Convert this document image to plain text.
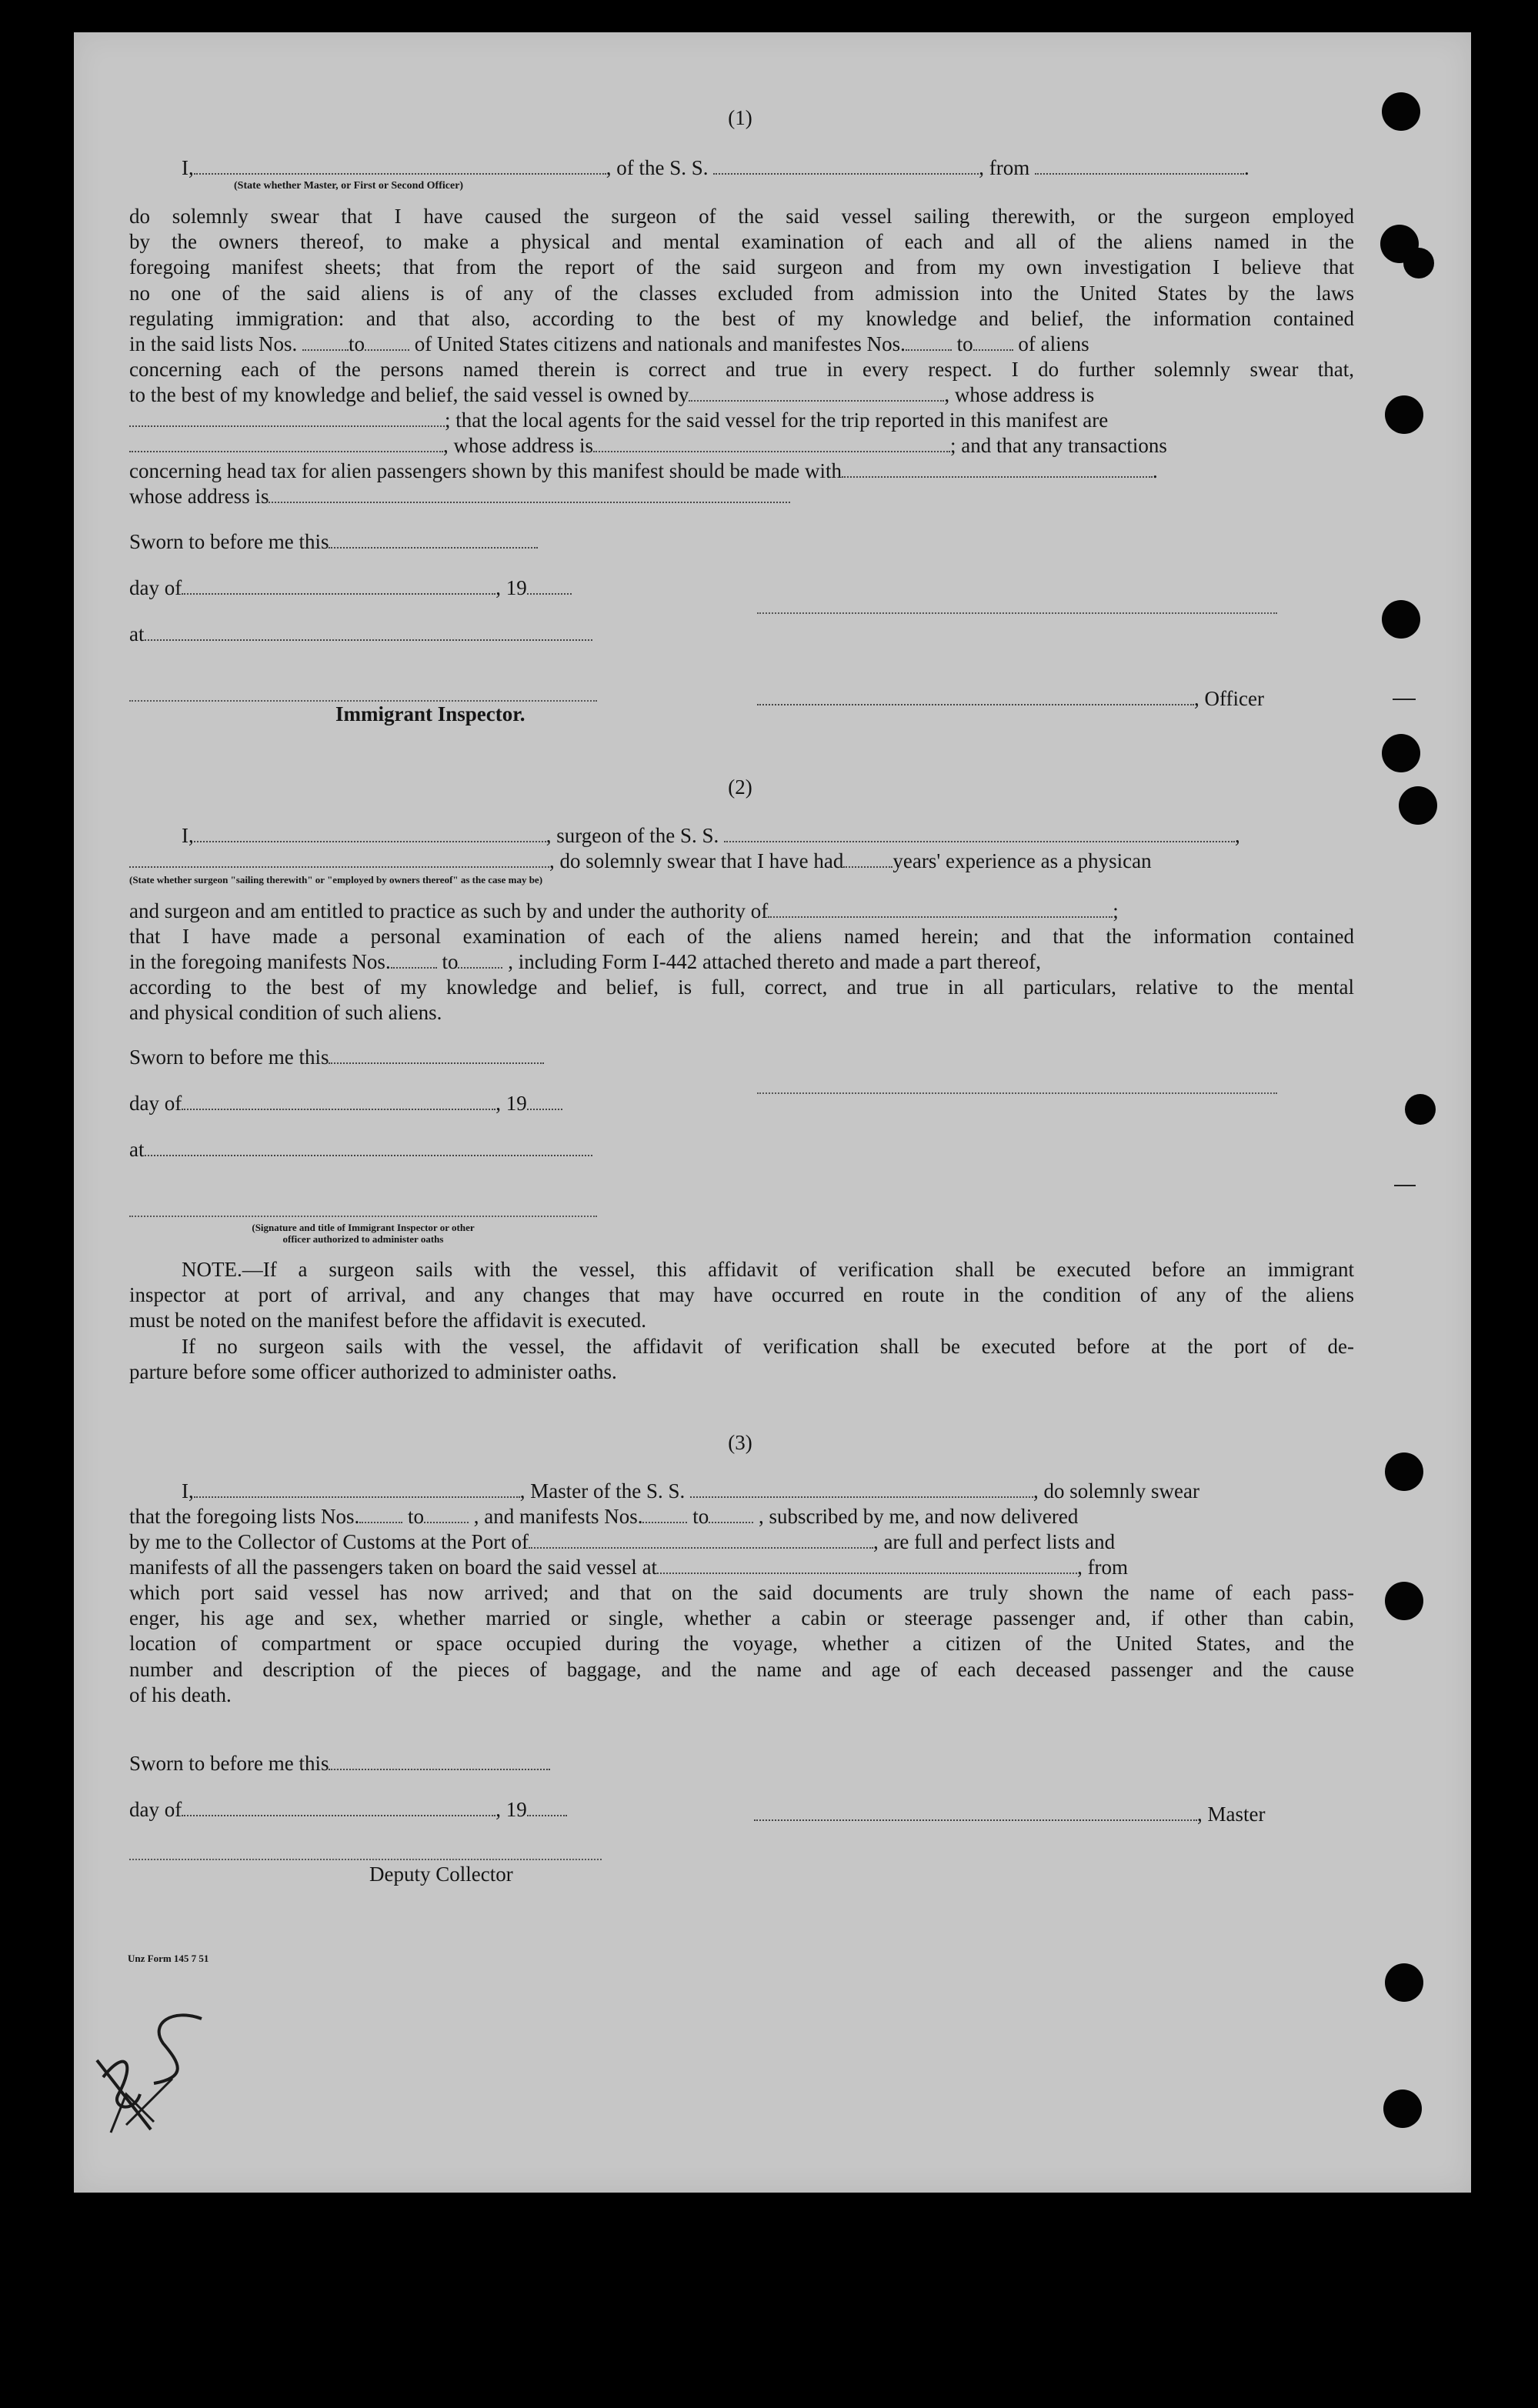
(1)
I,	, of the S. S.	, from	.
(State whether Master, or First or Second Officer)

do solemnly swear that I have caused the surgeon of the said vessel sailing therewith, or the surgeon employed

by the owners thereof, to make a physical and mental examination of each and all of the aliens named in the

foregoing manifest sheets; that from the report of the said surgeon and from my own investigation I believe that

no one of the said aliens is of any of the classes excluded from admission into the United States by the laws

regulating immigration: and that also, according to the best of my knowledge and belief, the information contained

in the said lists Nos. to of United States citizens and nationals and manifestes Nos. to of aliens

concerning each of the persons named therein is correct and true in every respect. I do further solemnly swear that,

to the best of my knowledge and belief, the said vessel is owned by	, whose address is
; that the local agents for the said vessel for the trip reported in this manifest are
, whose address is	; and that any transactions
concerning head tax for alien passengers shown by this manifest should be made with	.
whose address is
Sworn to before me this
day of	, 19
at
Immigrant Inspector.
, Officer
(2)
I,	, surgeon of the S. S.	,
, do solemnly swear that I have had years' experience as a physican
(State whether surgeon "sailing therewith" or "employed by owners thereof" as the case may be)
and surgeon and am entitled to practice as such by and under the authority of	;

that I have made a personal examination of each of the aliens named herein; and that the information contained

in the foregoing manifests Nos. to , including Form I-442 attached thereto and made a part thereof,

according to the best of my knowledge and belief, is full, correct, and true in all particulars, relative to the mental

and physical condition of such aliens.
Sworn to before me this
day of	, 19
at
(Signature and title of Immigrant Inspector or other
officer authorized to administer oaths

NOTE.—If a surgeon sails with the vessel, this affidavit of verification shall be executed before an immigrant

inspector at port of arrival, and any changes that may have occurred en route in the condition of any of the aliens

must be noted on the manifest before the affidavit is executed.

If no surgeon sails with the vessel, the affidavit of verification shall be executed before at the port of de-

parture before some officer authorized to administer oaths.

(3)
I,	, Master of the S. S.	, do solemnly swear
that the foregoing lists Nos. to , and manifests Nos. to , subscribed by me, and now delivered
by me to the Collector of Customs at the Port of	, are full and perfect lists and
manifests of all the passengers taken on board the said vessel at	, from

which port said vessel has now arrived; and that on the said documents are truly shown the name of each pass-

enger, his age and sex, whether married or single, whether a cabin or steerage passenger and, if other than cabin,

location of compartment or space occupied during the voyage, whether a citizen of the United States, and the

number and description of the pieces of baggage, and the name and age of each deceased passenger and the cause

of his death.

Sworn to before me this
day of	, 19	, Master
Deputy Collector
Unz Form 145 7 51
